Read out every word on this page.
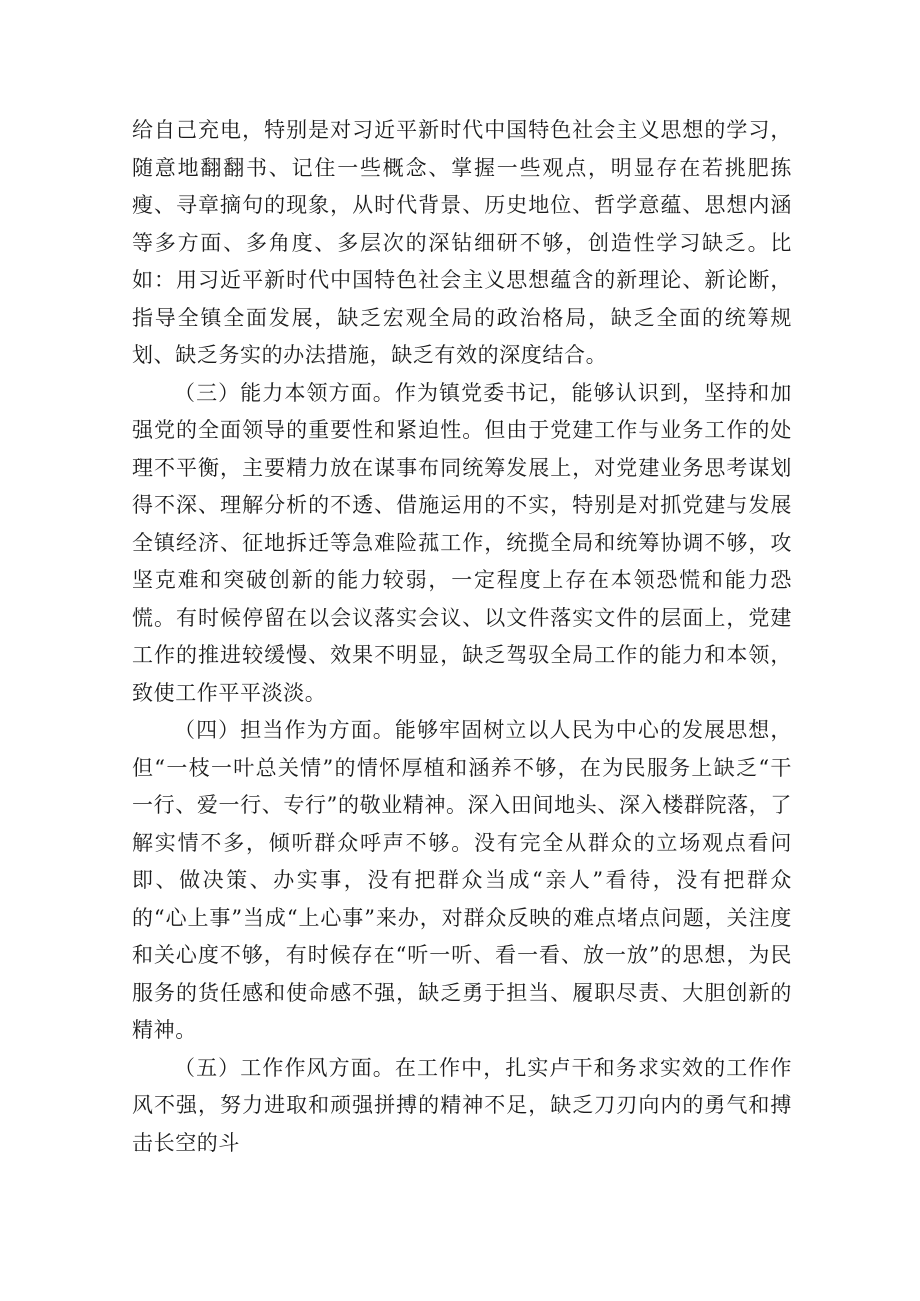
给自己充电，特别是对习近平新时代中国特色社会主义思想的学习，随意地翻翻书、记住一些概念、掌握一些观点，明显存在若挑肥拣瘦、寻章摘句的现象，从时代背景、历史地位、哲学意蕴、思想内涵等多方面、多角度、多层次的深钻细研不够，创造性学习缺乏。比如：用习近平新时代中国特色社会主义思想蕴含的新理论、新论断，指导全镇全面发展，缺乏宏观全局的政治格局，缺乏全面的统筹规划、缺乏务实的办法措施，缺乏有效的深度结合。

（三）能力本领方面。作为镇党委书记，能够认识到，坚持和加强党的全面领导的重要性和紧迫性。但由于党建工作与业务工作的处理不平衡，主要精力放在谋事布同统筹发展上，对党建业务思考谋划得不深、理解分析的不透、借施运用的不实，特别是对抓党建与发展全镇经济、征地拆迁等急难险菰工作，统揽全局和统筹协调不够，攻坚克难和突破创新的能力较弱，一定程度上存在本领恐慌和能力恐慌。有时候停留在以会议落实会议、以文件落实文件的层面上，党建工作的推进较缓慢、效果不明显，缺乏驾驭全局工作的能力和本领，致使工作平平淡淡。

（四）担当作为方面。能够牢固树立以人民为中心的发展思想，但“一枝一叶总关情”的情怀厚植和涵养不够，在为民服务上缺乏“干一行、爱一行、专行”的敬业精神。深入田间地头、深入楼群院落，了解实情不多，倾听群众呼声不够。没有完全从群众的立场观点看问即、做决策、办实事，没有把群众当成“亲人”看待，没有把群众的“心上事”当成“上心事”来办，对群众反映的难点堵点问题，关注度和关心度不够，有时候存在“听一听、看一看、放一放”的思想，为民服务的货任感和使命感不强，缺乏勇于担当、履职尽责、大胆创新的精神。

（五）工作作风方面。在工作中，扎实卢干和务求实效的工作作风不强，努力进取和顽强拼搏的精神不足，缺乏刀刃向内的勇气和搏击长空的斗
